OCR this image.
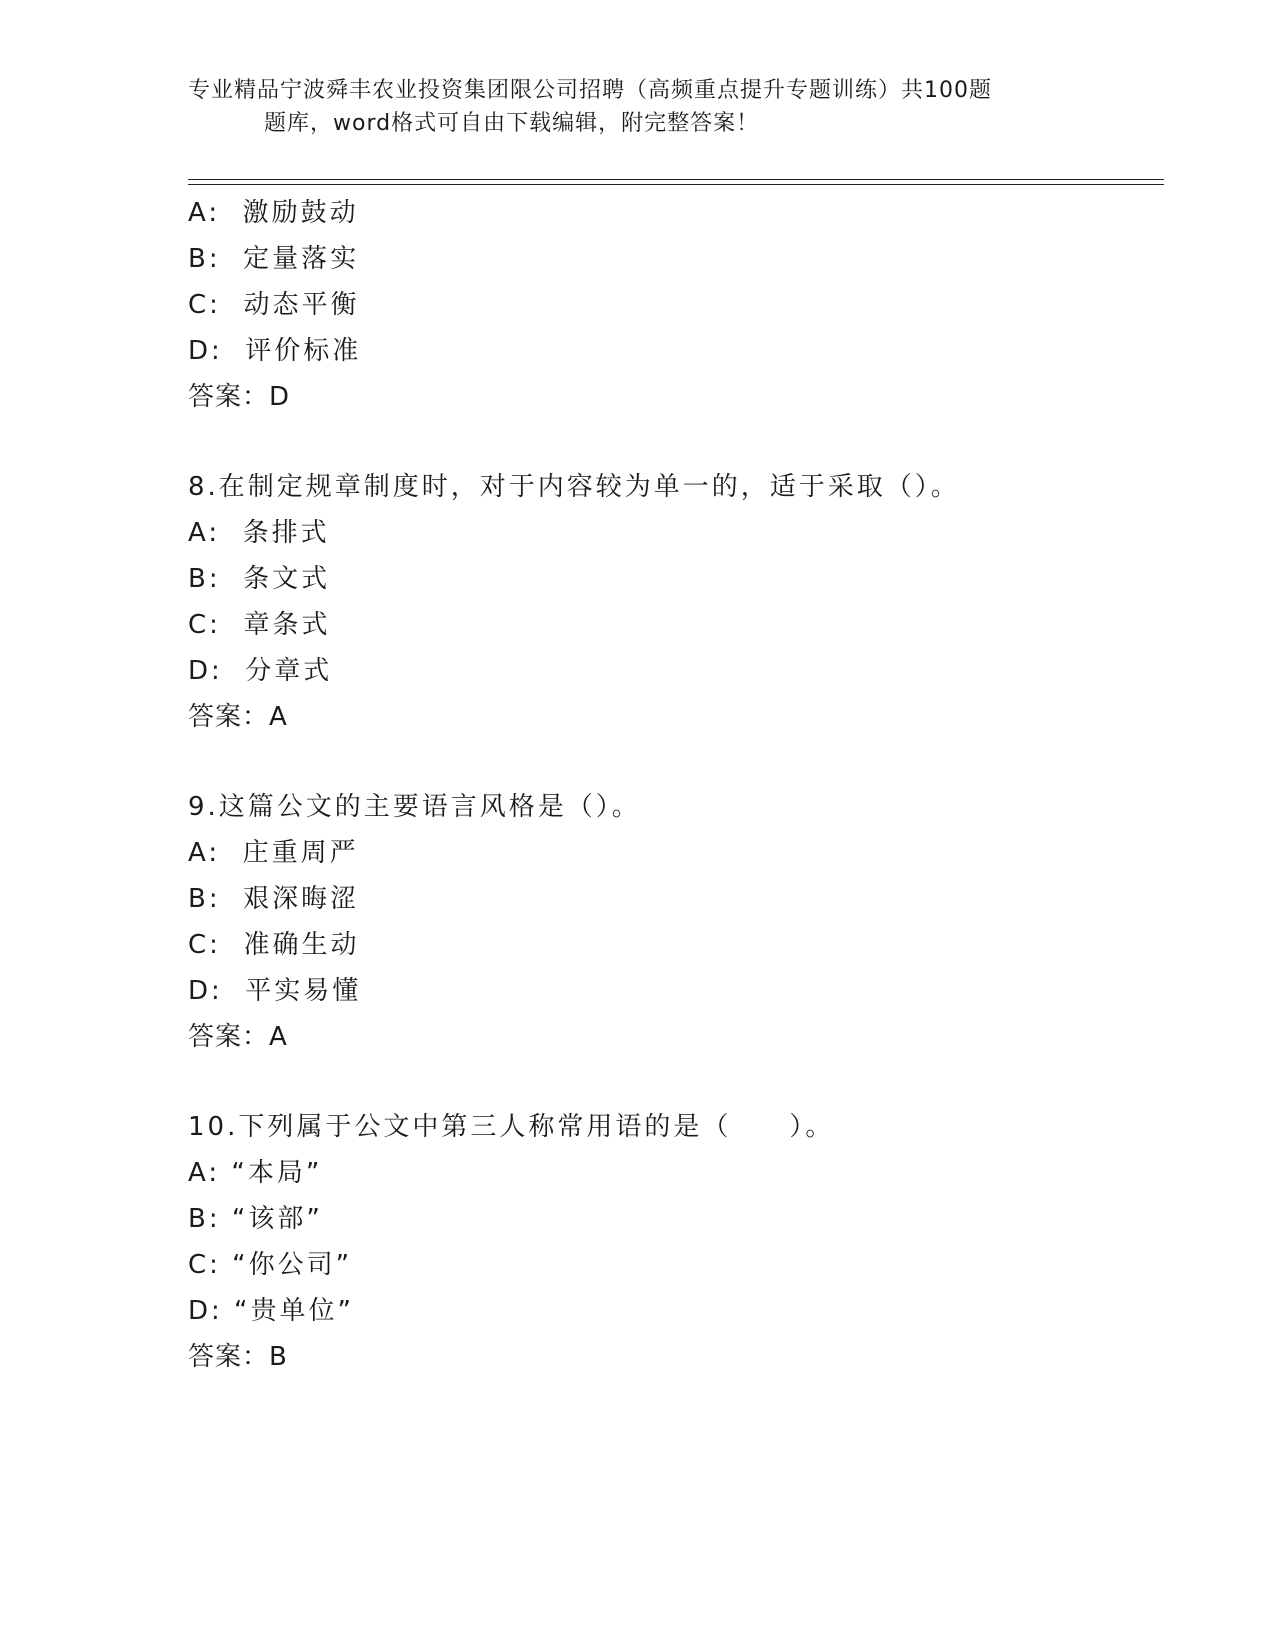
专业精品宁波舜丰农业投资集团限公司招聘（高频重点提升专题训练）共100题
题库，word格式可自由下载编辑，附完整答案！
A:  激励鼓动
B:  定量落实
C:  动态平衡
D:  评价标准
答案：D
8.在制定规章制度时，对于内容较为单一的，适于采取（）。
A:  条排式
B:  条文式
C:  章条式
D:  分章式
答案：A
9.这篇公文的主要语言风格是（）。
A:  庄重周严
B:  艰深晦涩
C:  准确生动
D:  平实易懂
答案：A
10.下列属于公文中第三人称常用语的是（　　）。
A: “本局”
B: “该部”
C: “你公司”
D: “贵单位”
答案：B
